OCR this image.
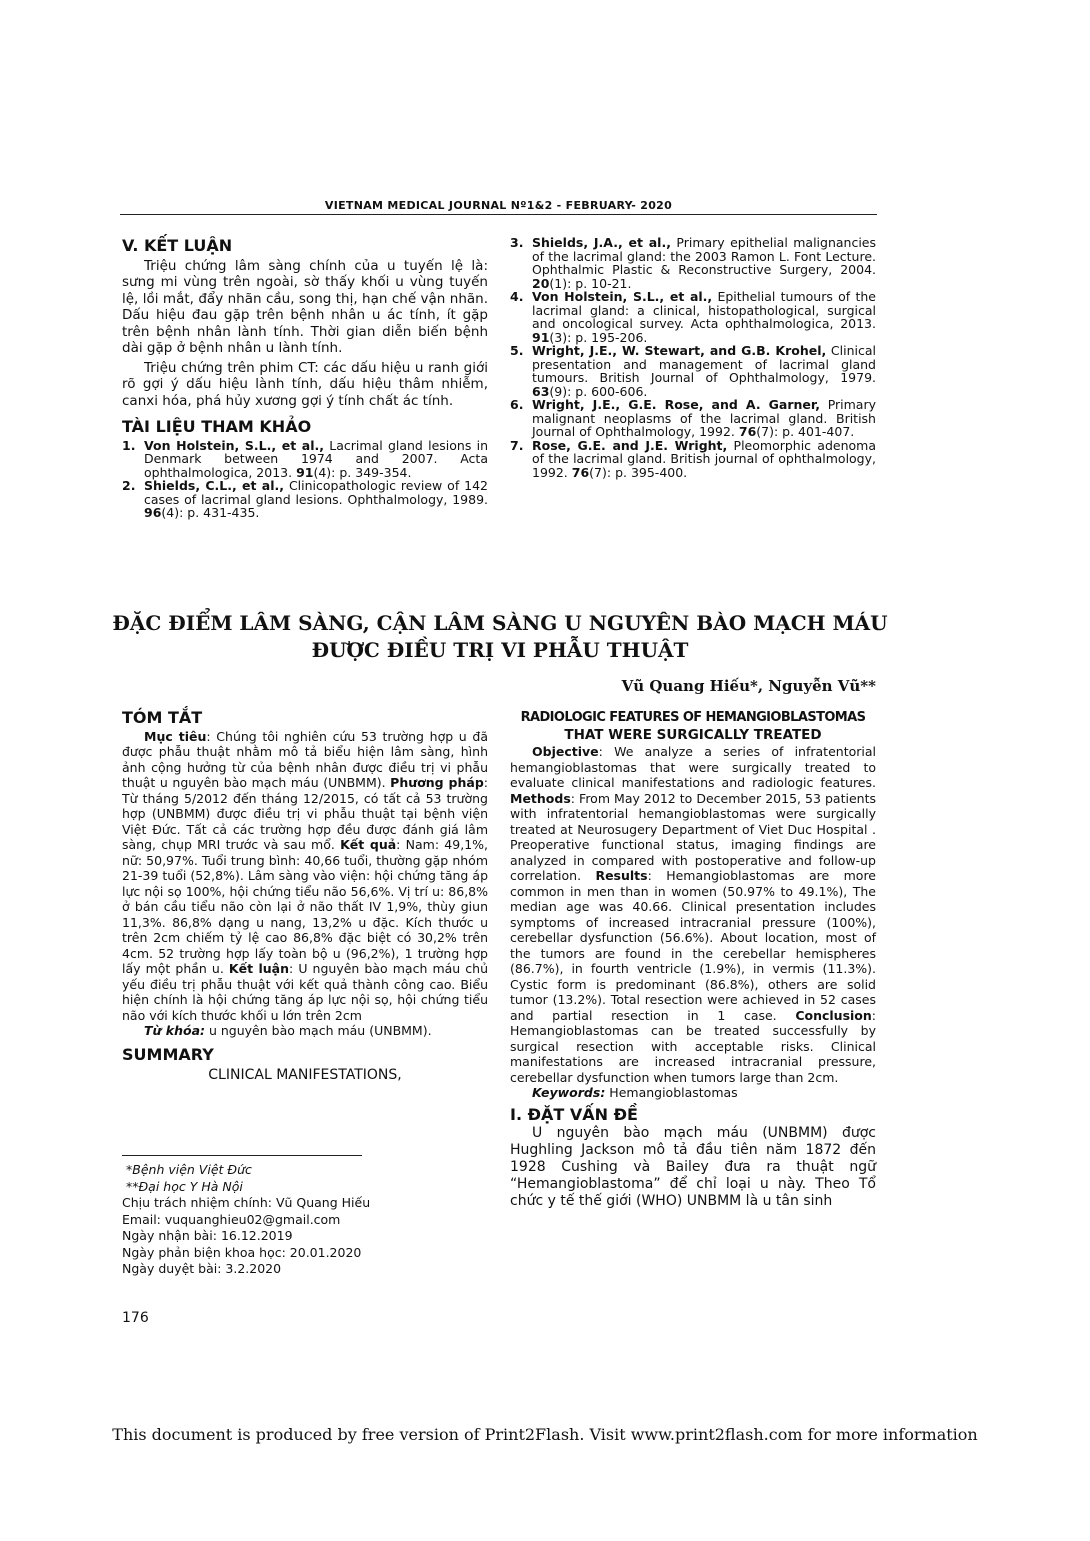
VIETNAM MEDICAL JOURNAL Nº1&2 - FEBRUARY- 2020
V. KẾT LUẬN

Triệu chứng lâm sàng chính của u tuyến lệ là: sưng mi vùng trên ngoài, sờ thấy khối u vùng tuyến lệ, lồi mắt, đẩy nhãn cầu, song thị, hạn chế vận nhãn. Dấu hiệu đau gặp trên bệnh nhân u ác tính, ít gặp trên bệnh nhân lành tính. Thời gian diễn biến bệnh dài gặp ở bệnh nhân u lành tính.

Triệu chứng trên phim CT: các dấu hiệu u ranh giới rõ gợi ý dấu hiệu lành tính, dấu hiệu thâm nhiễm, canxi hóa, phá hủy xương gợi ý tính chất ác tính.

TÀI LIỆU THAM KHẢO
1. Von Holstein, S.L., et al., Lacrimal gland lesions in Denmark between 1974 and 2007. Acta ophthalmologica, 2013. 91(4): p. 349-354.
2. Shields, C.L., et al., Clinicopathologic review of 142 cases of lacrimal gland lesions. Ophthalmology, 1989. 96(4): p. 431-435.
3. Shields, J.A., et al., Primary epithelial malignancies of the lacrimal gland: the 2003 Ramon L. Font Lecture. Ophthalmic Plastic & Reconstructive Surgery, 2004. 20(1): p. 10-21.
4. Von Holstein, S.L., et al., Epithelial tumours of the lacrimal gland: a clinical, histopathological, surgical and oncological survey. Acta ophthalmologica, 2013. 91(3): p. 195-206.
5. Wright, J.E., W. Stewart, and G.B. Krohel, Clinical presentation and management of lacrimal gland tumours. British Journal of Ophthalmology, 1979. 63(9): p. 600-606.
6. Wright, J.E., G.E. Rose, and A. Garner, Primary malignant neoplasms of the lacrimal gland. British Journal of Ophthalmology, 1992. 76(7): p. 401-407.
7. Rose, G.E. and J.E. Wright, Pleomorphic adenoma of the lacrimal gland. British journal of ophthalmology, 1992. 76(7): p. 395-400.
ĐẶC ĐIỂM LÂM SÀNG, CẬN LÂM SÀNG U NGUYÊN BÀO MẠCH MÁU
ĐƯỢC ĐIỀU TRỊ VI PHẪU THUẬT
Vũ Quang Hiếu*, Nguyễn Vũ**
TÓM TẮT

Mục tiêu: Chúng tôi nghiên cứu 53 trường hợp u đã được phẫu thuật nhằm mô tả biểu hiện lâm sàng, hình ảnh cộng hưởng từ của bệnh nhân được điều trị vi phẫu thuật u nguyên bào mạch máu (UNBMM). Phương pháp: Từ tháng 5/2012 đến tháng 12/2015, có tất cả 53 trường hợp (UNBMM) được điều trị vi phẫu thuật tại bệnh viện Việt Đức. Tất cả các trường hợp đều được đánh giá lâm sàng, chụp MRI trước và sau mổ. Kết quả: Nam: 49,1%, nữ: 50,97%. Tuổi trung bình: 40,66 tuổi, thường gặp nhóm 21-39 tuổi (52,8%). Lâm sàng vào viện: hội chứng tăng áp lực nội sọ 100%, hội chứng tiểu não 56,6%. Vị trí u: 86,8% ở bán cầu tiểu não còn lại ở não thất IV 1,9%, thùy giun 11,3%. 86,8% dạng u nang, 13,2% u đặc. Kích thước u trên 2cm chiếm tỷ lệ cao 86,8% đặc biệt có 30,2% trên 4cm. 52 trường hợp lấy toàn bộ u (96,2%), 1 trường hợp lấy một phần u. Kết luận: U nguyên bào mạch máu chủ yếu điều trị phẫu thuật với kết quả thành công cao. Biểu hiện chính là hội chứng tăng áp lực nội sọ, hội chứng tiểu não với kích thước khối u lớn trên 2cm

Từ khóa: u nguyên bào mạch máu (UNBMM).

SUMMARY
CLINICAL MANIFESTATIONS,
*Bệnh viện Việt Đức
**Đại học Y Hà Nội
Chịu trách nhiệm chính: Vũ Quang Hiếu
Email: vuquanghieu02@gmail.com
Ngày nhận bài: 16.12.2019
Ngày phản biện khoa học: 20.01.2020
Ngày duyệt bài: 3.2.2020
176
RADIOLOGIC FEATURES OF HEMANGIOBLASTOMAS
THAT WERE SURGICALLY TREATED

Objective: We analyze a series of infratentorial hemangioblastomas that were surgically treated to evaluate clinical manifestations and radiologic features. Methods: From May 2012 to December 2015, 53 patients with infratentorial hemangioblastomas were surgically treated at Neurosugery Department of Viet Duc Hospital . Preoperative functional status, imaging findings are analyzed in compared with postoperative and follow-up correlation. Results: Hemangioblastomas are more common in men than in women (50.97% to 49.1%), The median age was 40.66. Clinical presentation includes symptoms of increased intracranial pressure (100%), cerebellar dysfunction (56.6%). About location, most of the tumors are found in the cerebellar hemispheres (86.7%), in fourth ventricle (1.9%), in vermis (11.3%). Cystic form is predominant (86.8%), others are solid tumor (13.2%). Total resection were achieved in 52 cases and partial resection in 1 case. Conclusion: Hemangioblastomas can be treated successfully by surgical resection with acceptable risks. Clinical manifestations are increased intracranial pressure, cerebellar dysfunction when tumors large than 2cm.

Keywords: Hemangioblastomas

I. ĐẶT VẤN ĐỀ

U nguyên bào mạch máu (UNBMM) được Hughling Jackson mô tả đầu tiên năm 1872 đến 1928 Cushing và Bailey đưa ra thuật ngữ “Hemangioblastoma” để chỉ loại u này. Theo Tổ chức y tế thế giới (WHO) UNBMM là u tân sinh

This document is produced by free version of Print2Flash. Visit www.print2flash.com for more information
